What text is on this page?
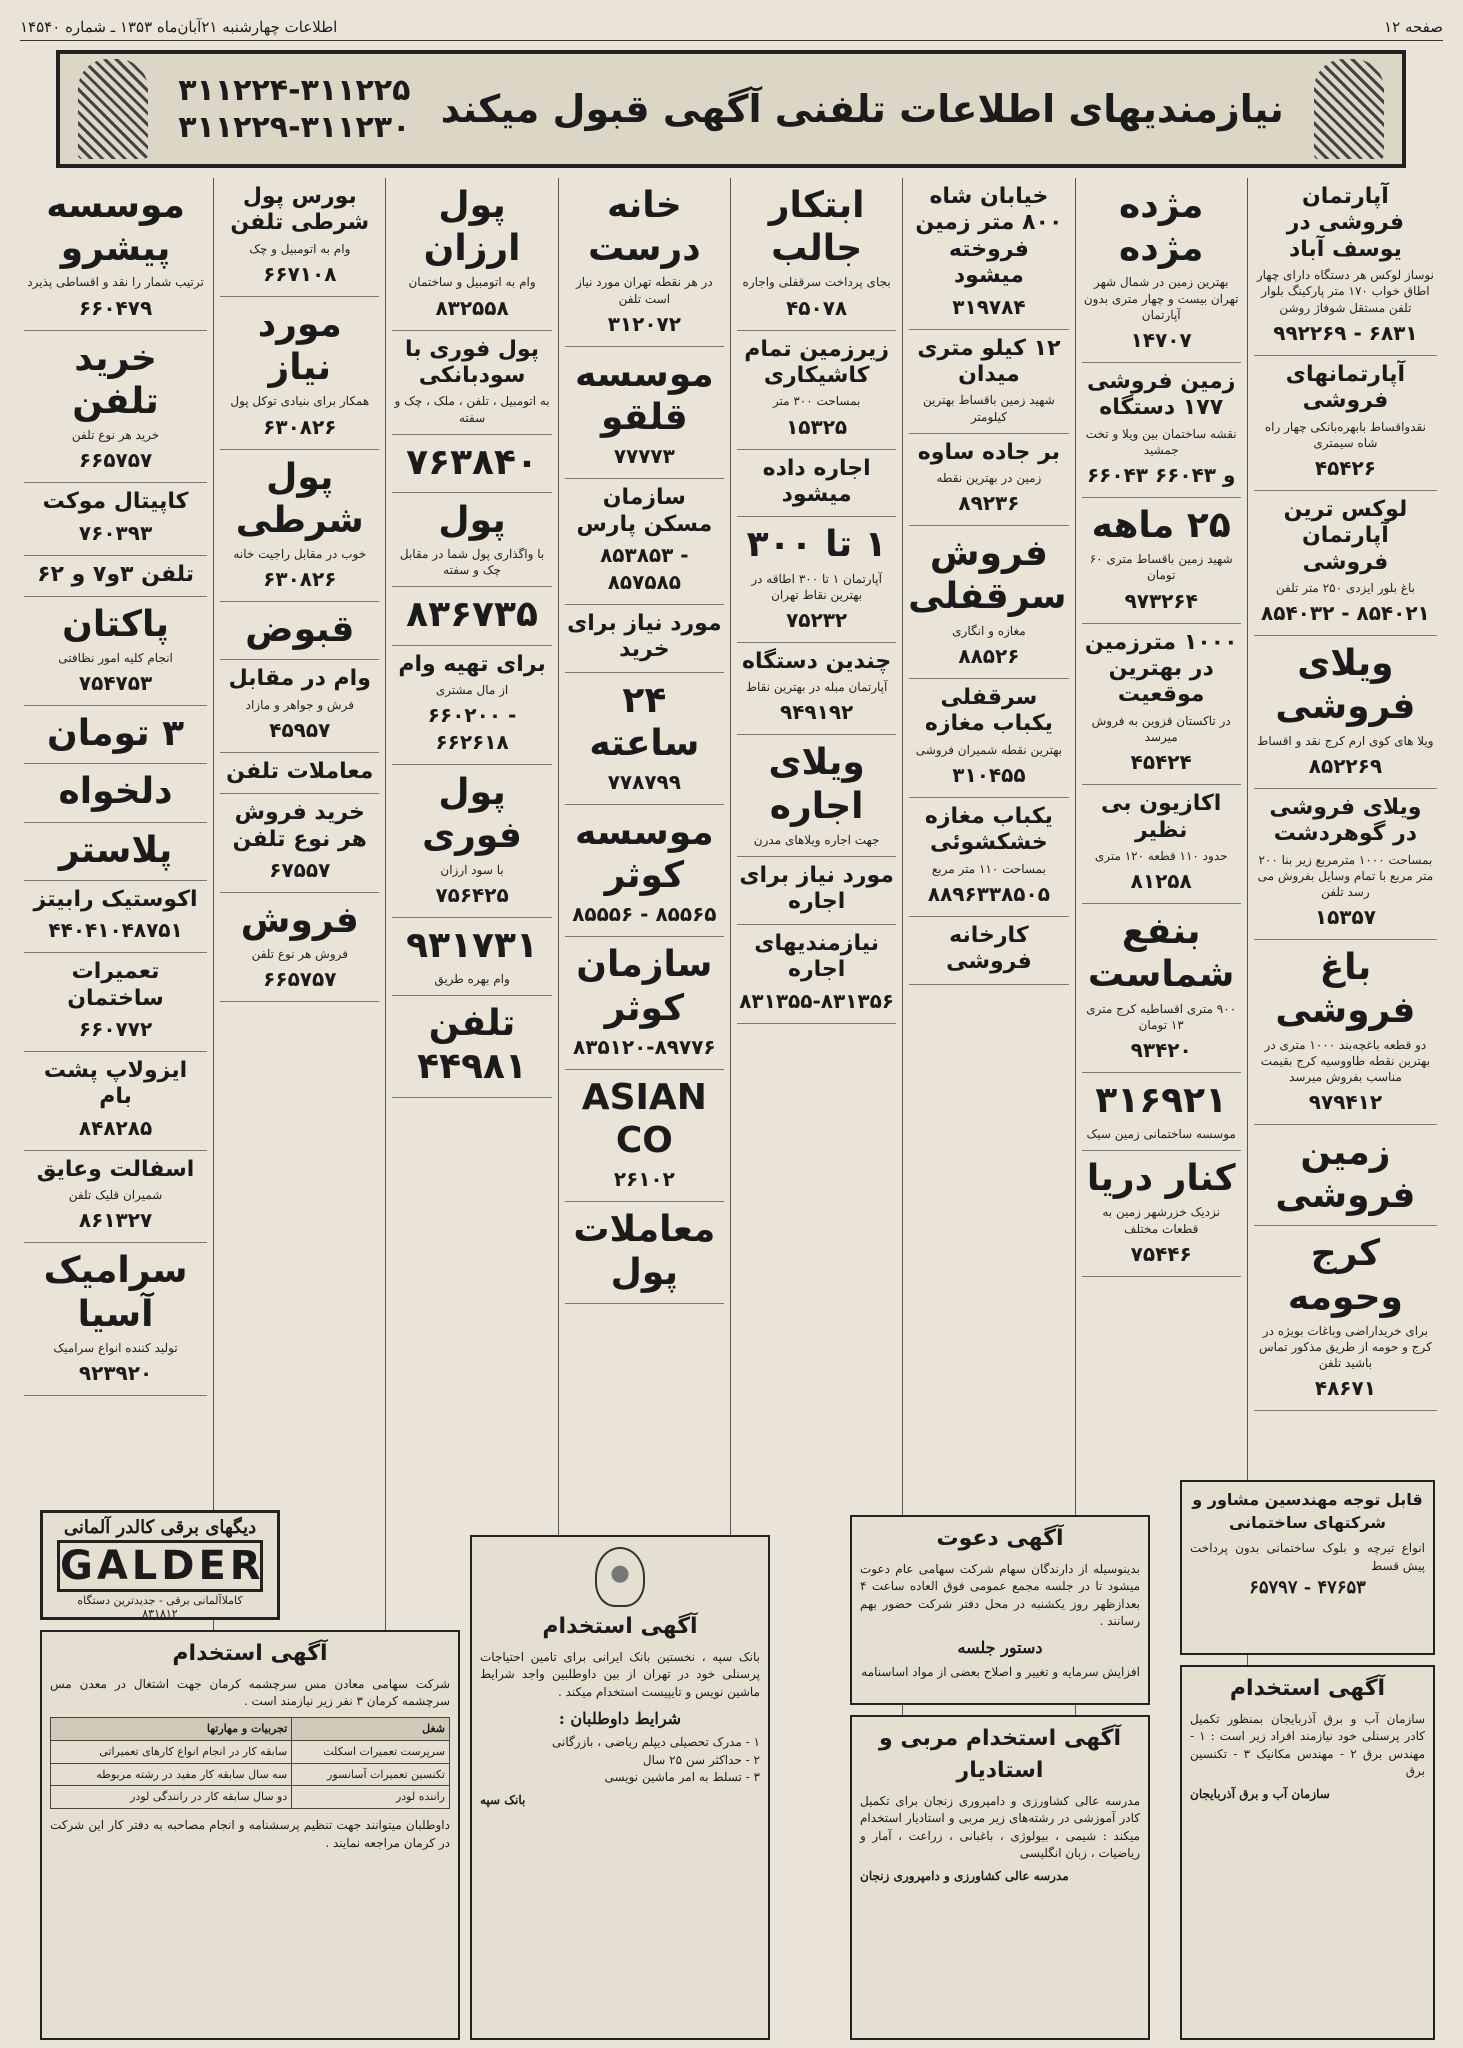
صفحه ۱۲
اطلاعات چهارشنبه ۲۱آبان‌ماه ۱۳۵۳ ـ شماره ۱۴۵۴۰
نیازمندیهای اطلاعات تلفنی آگهی قبول میکند
۳۱۱۲۲۴-۳۱۱۲۲۵
۳۱۱۲۲۹-۳۱۱۲۳۰
آپارتمان فروشی در یوسف آباد
نوساز لوکس هر دستگاه دارای چهار اطاق خواب ۱۷۰ متر پارکینگ بلوار تلفن مستقل شوفاژ روشن
۹۹۲۲۶۹ - ۶۸۳۱
آپارتمانهای فروشی
نقدواقساط بابهره‌بانکی چهار راه شاه سیمتری
۴۵۴۲۶
لوکس ترین آپارتمان فروشی
باغ بلور ایزدی ۲۵۰ متر تلفن
۸۵۴۰۳۲ - ۸۵۴۰۲۱
ویلای فروشی
ویلا های کوی ارم کرج نقد و اقساط
۸۵۲۲۶۹
ویلای فروشی در گوهردشت
بمساحت ۱۰۰۰ مترمربع زیر بنا ۲۰۰ متر مربع با تمام وسایل بفروش می رسد تلفن
۱۵۳۵۷
باغ فروشی
دو قطعه باغچه‌بند ۱۰۰۰ متری در بهترین نقطه طاووسیه کرج بقیمت مناسب بفروش میرسد
۹۷۹۴۱۲
زمین فروشی
کرج وحومه
برای خریداراضی وباغات بویژه در کرج و حومه از طریق مذکور تماس باشید تلفن
۴۸۶۷۱
مژده مژده
بهترین زمین در شمال شهر تهران بیست و چهار متری بدون آپارتمان
۱۴۷۰۷
زمین فروشی ۱۷۷ دستگاه
نقشه ساختمان بین ویلا و تخت جمشید
۶۶۰۴۳ و ۶۶۰۴۳
۲۵ ماهه
شهید زمین باقساط متری ۶۰ تومان
۹۷۳۲۶۴
۱۰۰۰ مترزمین در بهترین موقعیت
در تاکستان قزوین به فروش میرسد
۴۵۴۲۴
اکازیون بی نظیر
حدود ۱۱۰ قطعه ۱۲۰ متری
۸۱۲۵۸
بنفع شماست
۹۰۰ متری اقساطیه کرج متری ۱۳ تومان
۹۳۴۲۰
۳۱۶۹۲۱
موسسه ساختمانی زمین سیک
کنار دریا
نزدیک خزرشهر زمین به قطعات مختلف
۷۵۴۴۶
خیابان شاه ۸۰۰ متر زمین فروخته میشود
۳۱۹۷۸۴
۱۲ کیلو متری میدان
شهید زمین باقساط بهترین کیلومتر
بر جاده ساوه
زمین در بهترین نقطه
۸۹۲۳۶
فروش سرقفلی
مغازه و انگاری
۸۸۵۲۶
سرقفلی یکباب مغازه
بهترین نقطه شمیران فروشی
۳۱۰۴۵۵
یکباب مغازه‌ خشکشوئی
بمساحت ۱۱۰ متر مربع
۸۸۹۶۳۳۸۵۰۵
کارخانه فروشی
ابتکار جالب
بجای پرداخت سرقفلی واجاره
۴۵۰۷۸
زیرزمین تمام کاشیکاری
بمساحت ۳۰۰ متر
۱۵۳۲۵
اجاره داده میشود
۱ تا ۳۰۰
آپارتمان ۱ تا ۳۰۰ اطاقه در بهترین نقاط تهران
۷۵۲۳۲
چندین دستگاه
آپارتمان مبله در بهترین نقاط
۹۴۹۱۹۲
ویلای اجاره
جهت اجاره ویلاهای مدرن
مورد نیاز برای اجاره
نیازمندیهای اجاره
۸۳۱۳۵۵-۸۳۱۳۵۶
خانه درست
در هر نقطه تهران مورد نیاز است تلفن
۳۱۲۰۷۲
موسسه قلقو
۷۷۷۷۳
سازمان مسکن پارس
۸۵۳۸۵۳ - ۸۵۷۵۸۵
مورد نیاز برای خرید
۲۴ ساعته
۷۷۸۷۹۹
موسسه کوثر
۸۵۵۵۶ - ۸۵۵۶۵
سازمان کوثر
۸۳۵۱۲۰-۸۹۷۷۶
ASIAN CO
۲۶۱۰۲
معاملات پول
پول ارزان
وام به اتومبیل و ساختمان
۸۳۲۵۵۸
پول فوری با سودبانکی
به اتومبیل ، تلفن ، ملک ، چک و سفته
۷۶۳۸۴۰
پول
با واگذاری پول شما در مقابل چک و سفته
۸۳۶۷۳۵
برای تهیه وام
از مال مشتری
۶۶۰۲۰۰ - ۶۶۲۶۱۸
پول فوری
با سود ارزان
۷۵۶۴۲۵
۹۳۱۷۳۱
وام بهره طریق
تلفن ۴۴۹۸۱
بورس پول شرطی تلفن
وام به اتومبیل و چک
۶۶۷۱۰۸
مورد نیاز
همکار برای بنیادی توکل پول
۶۳۰۸۲۶
پول شرطی
خوب در مقابل راجیت خانه
۶۳۰۸۲۶
قبوض
وام در مقابل
فرش و جواهر و مازاد
۴۵۹۵۷
معاملات تلفن
خرید فروش هر نوع تلفن
۶۷۵۵۷
فروش
فروش هر نوع تلفن
۶۶۵۷۵۷
موسسه پیشرو
ترتیب شمار را نقد و اقساطی پذیرد
۶۶۰۴۷۹
خرید تلفن
خرید هر نوع تلفن
۶۶۵۷۵۷
کاپیتال موکت
۷۶۰۳۹۳
تلفن ۳و۷ و ۶۲
پاکتان
انجام کلیه امور نظافتی
۷۵۴۷۵۳
۳ تومان
دلخواه
پلاستر
اکوستیک رابیتز
۴۴۰۴۱۰۴۸۷۵۱
تعمیرات ساختمان
۶۶۰۷۷۲
ایزولاپ پشت بام
۸۴۸۲۸۵
اسفالت وعایق
شمیران قلیک تلفن
۸۶۱۳۲۷
سرامیک آسیا
تولید کننده انواع سرامیک
۹۲۳۹۲۰
دیگهای برقی کالدر آلمانی
GALDER
کاملا‌آلمانی برقی - جدیدترین دستگاه
۸۳۱۸۱۲
آگهی استخدام
شرکت سهامی معادن مس سرچشمه کرمان جهت اشتغال در معدن مس سرچشمه کرمان ۳ نفر زیر نیازمند است .
شغل	تجربیات و مهارتها
سرپرست تعمیرات اسکلت	سابقه کار در انجام انواع کارهای تعمیراتی
تکنسین تعمیرات آسانسور	سه سال سابقه کار مفید در رشته مربوطه
راننده لودر	دو سال سابقه کار در رانندگی لودر
داوطلبان میتوانند جهت تنظیم پرسشنامه و انجام مصاحبه به دفتر کار این شرکت در کرمان مراجعه نمایند .
آگهی استخدام
بانک سپه ، نخستین بانک ایرانی برای تامین احتیاجات پرسنلی خود در تهران از بین داوطلبین واجد شرایط ماشین نویس و تایپیست استخدام میکند .
شرایط داوطلبان :
۱ - مدرک تحصیلی دیپلم ریاضی ، بازرگانی
۲ - حداکثر سن ۲۵ سال
۳ - تسلط به امر ماشین نویسی
بانک سپه
آگهی دعوت
بدینوسیله از دارندگان سهام شرکت سهامی عام دعوت میشود تا در جلسه مجمع عمومی فوق العاده ساعت ۴ بعدازظهر روز یکشنبه در محل دفتر شرکت حضور بهم رسانند .
دستور جلسه
افزایش سرمایه و تغییر و اصلاح بعضی از مواد اساسنامه
آگهی استخدام مربی و استادیار
مدرسه عالی کشاورزی و دامپروری زنجان برای تکمیل کادر آموزشی در رشته‌های زیر مربی و استادیار استخدام میکند : شیمی ، بیولوژی ، باغبانی ، زراعت ، آمار و ریاضیات ، زبان انگلیسی
مدرسه عالی کشاورزی و دامپروری زنجان
قابل توجه مهندسین مشاور و شرکتهای ساختمانی
انواع تیرچه و بلوک ساختمانی بدون پرداخت پیش قسط
۶۵۷۹۷ - ۴۷۶۵۳
آگهی استخدام
سازمان آب و برق آذربایجان بمنظور تکمیل کادر پرسنلی خود نیازمند افراد زیر است : ۱ - مهندس برق ۲ - مهندس مکانیک ۳ - تکنسین برق
سازمان آب و برق آذربایجان
